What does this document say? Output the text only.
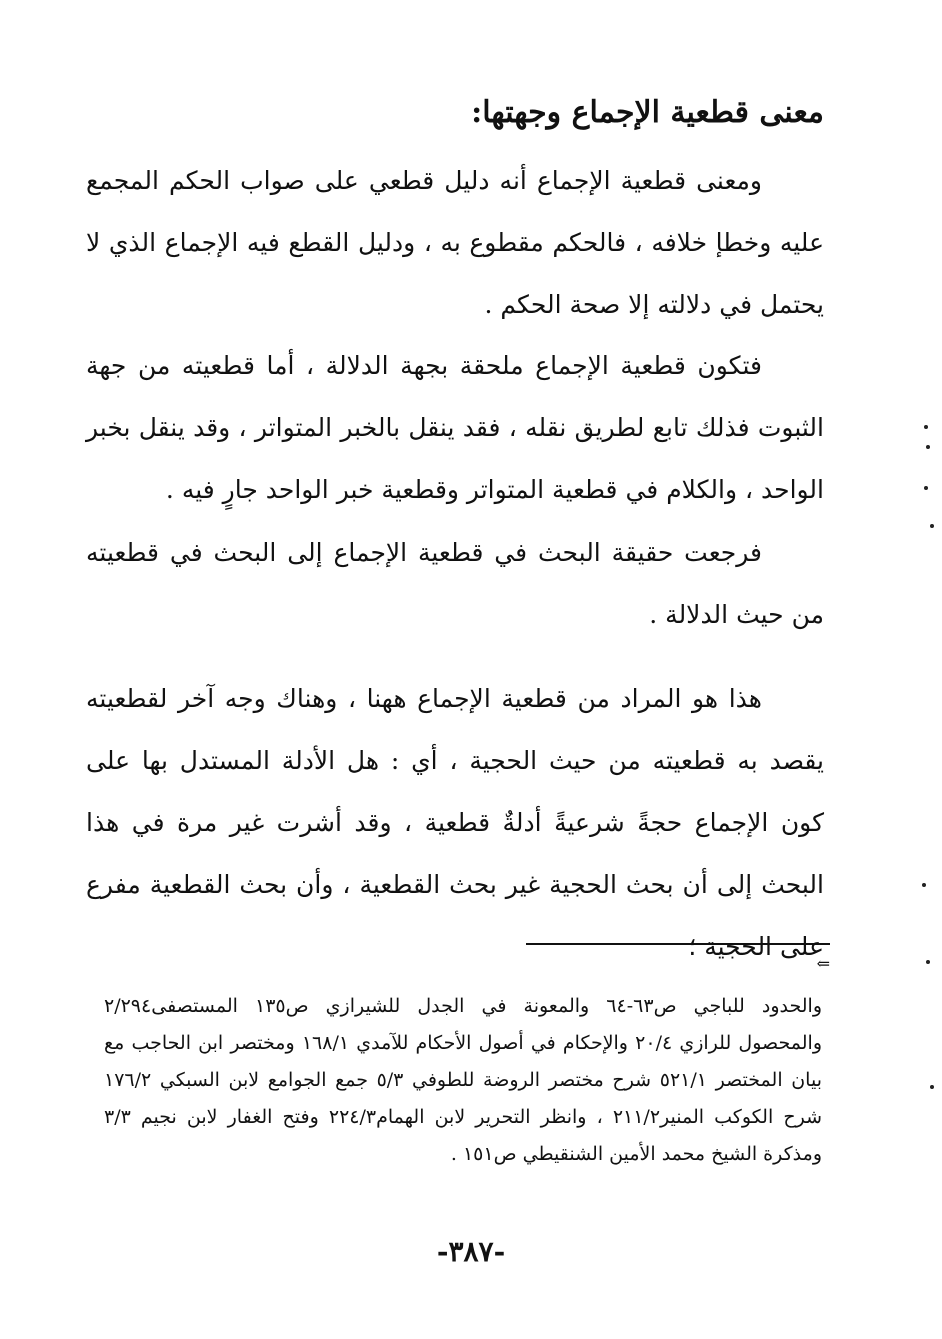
معنى قطعية الإجماع وجهتها:

ومعنى قطعية الإجماع أنه دليل قطعي على صواب الحكم المجمع عليه وخطإ خلافه ، فالحكم مقطوع به ، ودليل القطع فيه الإجماع الذي لا يحتمل في دلالته إلا صحة الحكم .

فتكون قطعية الإجماع ملحقة بجهة الدلالة ، أما قطعيته من جهة الثبوت فذلك تابع لطريق نقله ، فقد ينقل بالخبر المتواتر ، وقد ينقل بخبر الواحد ، والكلام في قطعية المتواتر وقطعية خبر الواحد جارٍ فيه .

فرجعت حقيقة البحث في قطعية الإجماع إلى البحث في قطعيته من حيث الدلالة .

هذا هو المراد من قطعية الإجماع ههنا ، وهناك وجه آخر لقطعيته يقصد به قطعيته من حيث الحجية ، أي : هل الأدلة المستدل بها على كون الإجماع حجةً شرعيةً أدلةٌ قطعية ، وقد أشرت غير مرة في هذا البحث إلى أن بحث الحجية غير بحث القطعية ، وأن بحث القطعية مفرع على الحجية ؛

⇐

والحدود للباجي ص٦٣-٦٤ والمعونة في الجدل للشيرازي ص١٣٥ المستصفى٢/٢٩٤ والمحصول للرازي ٢٠/٤ والإحكام في أصول الأحكام للآمدي ١٦٨/١ ومختصر ابن الحاجب مع بيان المختصر ٥٢١/١ شرح مختصر الروضة للطوفي ٥/٣ جمع الجوامع لابن السبكي ١٧٦/٢ شرح الكوكب المنير٢١١/٢ ، وانظر التحرير لابن الهمام٢٢٤/٣ وفتح الغفار لابن نجيم ٣/٣ ومذكرة الشيخ محمد الأمين الشنقيطي ص١٥١ .

-٣٨٧-
